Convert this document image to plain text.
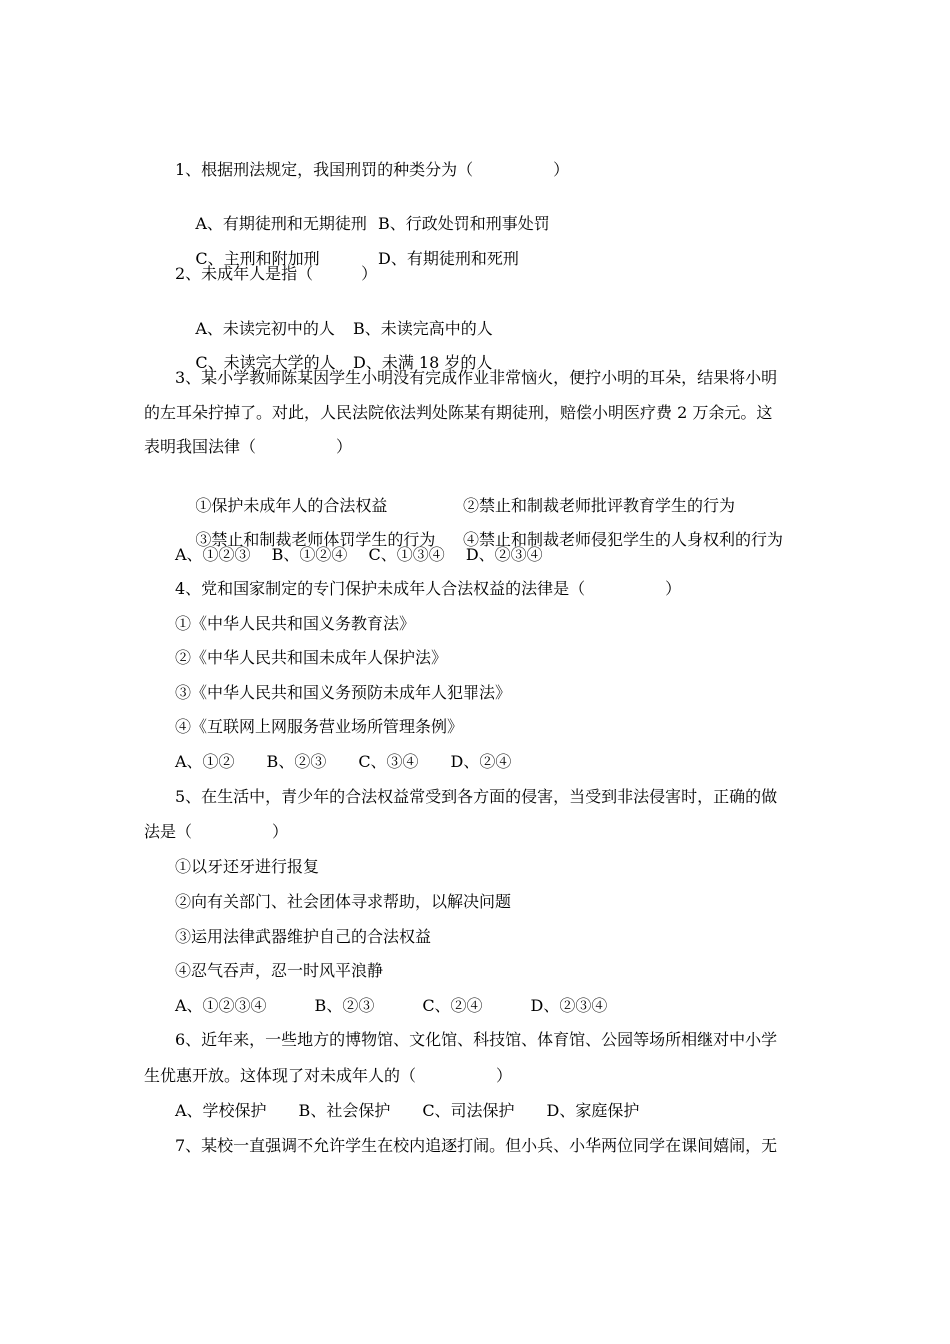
1、根据刑法规定，我国刑罚的种类分为（　　　　　）

A、有期徒刑和无期徒刑 B、行政处罚和刑事处罚

C、主刑和附加刑	D、有期徒刑和死刑

2、未成年人是指（　　　）

A、未读完初中的人 B、未读完高中的人

C、未读完大学的人 D、未满 18 岁的人

3、某小学教师陈某因学生小明没有完成作业非常恼火，便拧小明的耳朵，结果将小明

的左耳朵拧掉了。对此，人民法院依法判处陈某有期徒刑，赔偿小明医疗费 2 万余元。这

表明我国法律（　　　　　）

①保护未成年人的合法权益	②禁止和制裁老师批评教育学生的行为

③禁止和制裁老师体罚学生的行为 ④禁止和制裁老师侵犯学生的人身权利的行为

A、①②③　 B、①②④　 C、①③④　 D、②③④

4、党和国家制定的专门保护未成年人合法权益的法律是（　　　　　）

①《中华人民共和国义务教育法》

②《中华人民共和国未成年人保护法》

③《中华人民共和国义务预防未成年人犯罪法》

④《互联网上网服务营业场所管理条例》

A、①②　　B、②③　　C、③④　　D、②④

5、在生活中，青少年的合法权益常受到各方面的侵害，当受到非法侵害时，正确的做

法是（　　　　　）

①以牙还牙进行报复

②向有关部门、社会团体寻求帮助，以解决问题

③运用法律武器维护自己的合法权益

④忍气吞声，忍一时风平浪静

A、①②③④　　　B、②③　　　C、②④　　　D、②③④

6、近年来，一些地方的博物馆、文化馆、科技馆、体育馆、公园等场所相继对中小学

生优惠开放。这体现了对未成年人的（　　　　　）

A、学校保护　　B、社会保护　　C、司法保护　　D、家庭保护

7、某校一直强调不允许学生在校内追逐打闹。但小兵、小华两位同学在课间嬉闹，无
